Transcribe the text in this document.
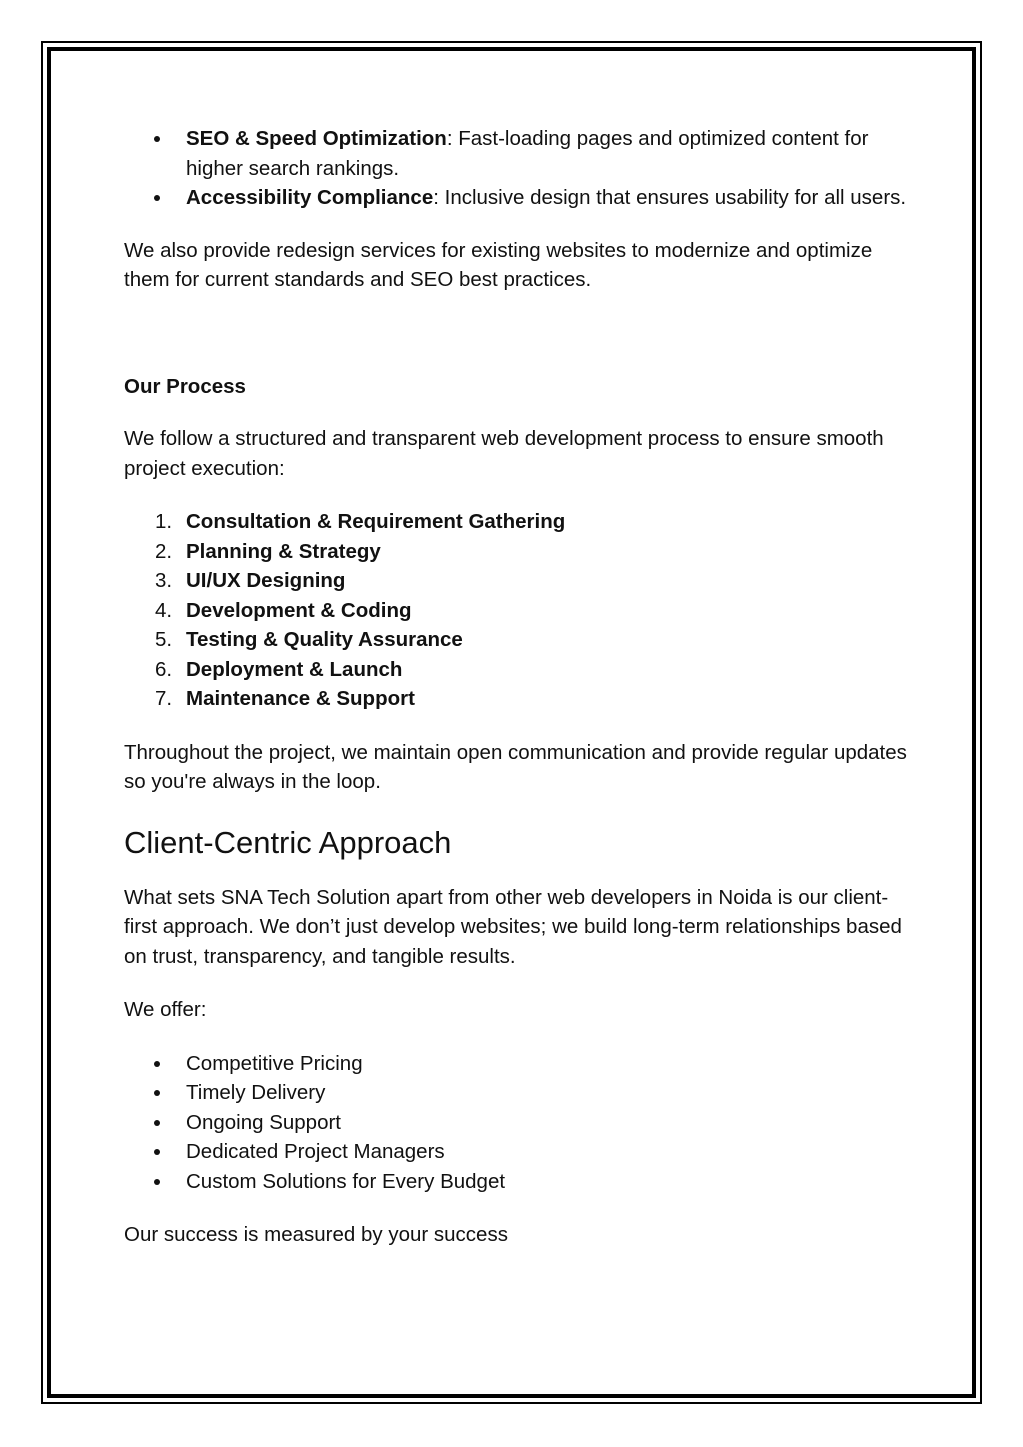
SEO & Speed Optimization: Fast-loading pages and optimized content for higher search rankings.
Accessibility Compliance: Inclusive design that ensures usability for all users.

We also provide redesign services for existing websites to modernize and optimize them for current standards and SEO best practices.

Our Process

We follow a structured and transparent web development process to ensure smooth project execution:

1. Consultation & Requirement Gathering
2. Planning & Strategy
3. UI/UX Designing
4. Development & Coding
5. Testing & Quality Assurance
6. Deployment & Launch
7. Maintenance & Support

Throughout the project, we maintain open communication and provide regular updates so you're always in the loop.

Client-Centric Approach

What sets SNA Tech Solution apart from other web developers in Noida is our client-first approach. We don’t just develop websites; we build long-term relationships based on trust, transparency, and tangible results.

We offer:

Competitive Pricing
Timely Delivery
Ongoing Support
Dedicated Project Managers
Custom Solutions for Every Budget

Our success is measured by your success
